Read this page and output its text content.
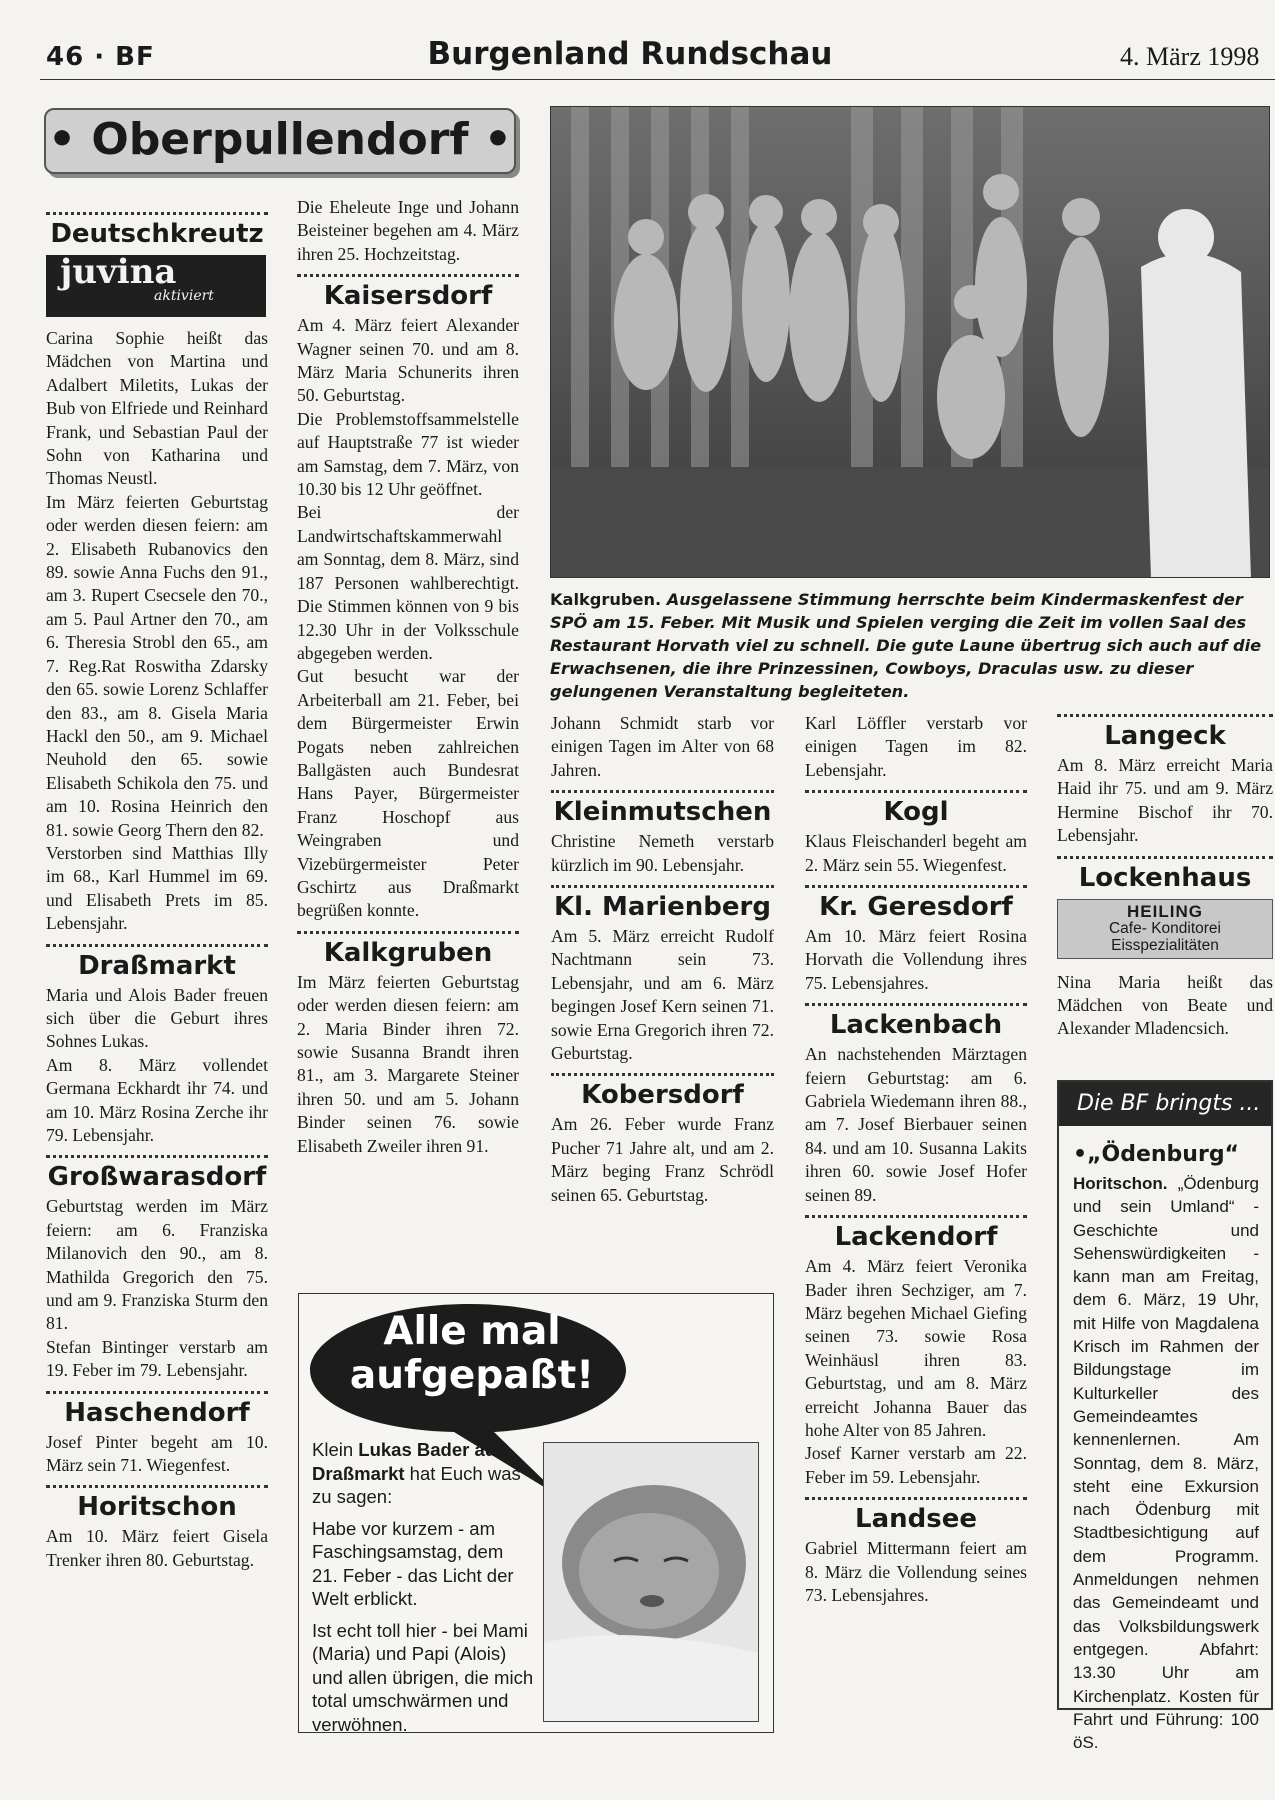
46 · BF	Burgenland Rundschau	4. März 1998
• Oberpullendorf •
Deutschkreutz
juvina
aktiviert

Carina Sophie heißt das Mädchen von Martina und Adalbert Miletits, Lukas der Bub von Elfriede und Reinhard Frank, und Sebastian Paul der Sohn von Katharina und Thomas Neustl.

Im März feierten Geburtstag oder werden diesen feiern: am 2. Elisabeth Rubanovics den 89. sowie Anna Fuchs den 91., am 3. Rupert Csecsele den 70., am 5. Paul Artner den 70., am 6. Theresia Strobl den 65., am 7. Reg.Rat Roswitha Zdarsky den 65. sowie Lorenz Schlaffer den 83., am 8. Gisela Maria Hackl den 50., am 9. Michael Neuhold den 65. sowie Elisabeth Schikola den 75. und am 10. Rosina Heinrich den 81. sowie Georg Thern den 82.

Verstorben sind Matthias Illy im 68., Karl Hummel im 69. und Elisabeth Prets im 85. Lebensjahr.

Draßmarkt

Maria und Alois Bader freuen sich über die Geburt ihres Sohnes Lukas.

Am 8. März vollendet Germana Eckhardt ihr 74. und am 10. März Rosina Zerche ihr 79. Lebensjahr.

Großwarasdorf

Geburtstag werden im März feiern: am 6. Franziska Milanovich den 90., am 8. Mathilda Gregorich den 75. und am 9. Franziska Sturm den 81.

Stefan Bintinger verstarb am 19. Feber im 79. Lebensjahr.

Haschendorf

Josef Pinter begeht am 10. März sein 71. Wiegenfest.

Horitschon

Am 10. März feiert Gisela Trenker ihren 80. Geburtstag.

Die Eheleute Inge und Johann Beisteiner begehen am 4. März ihren 25. Hochzeitstag.

Kaisersdorf

Am 4. März feiert Alexander Wagner seinen 70. und am 8. März Maria Schunerits ihren 50. Geburtstag.

Die Problemstoffsammelstelle auf Hauptstraße 77 ist wieder am Samstag, dem 7. März, von 10.30 bis 12 Uhr geöffnet.

Bei der Landwirtschaftskammerwahl am Sonntag, dem 8. März, sind 187 Personen wahlberechtigt. Die Stimmen können von 9 bis 12.30 Uhr in der Volksschule abgegeben werden.

Gut besucht war der Arbeiterball am 21. Feber, bei dem Bürgermeister Erwin Pogats neben zahlreichen Ballgästen auch Bundesrat Hans Payer, Bürgermeister Franz Hoschopf aus Weingraben und Vizebürgermeister Peter Gschirtz aus Draßmarkt begrüßen konnte.

Kalkgruben

Im März feierten Geburtstag oder werden diesen feiern: am 2. Maria Binder ihren 72. sowie Susanna Brandt ihren 81., am 3. Margarete Steiner ihren 50. und am 5. Johann Binder seinen 76. sowie Elisabeth Zweiler ihren 91.

Kalkgruben. Ausgelassene Stimmung herrschte beim Kindermaskenfest der SPÖ am 15. Feber. Mit Musik und Spielen verging die Zeit im vollen Saal des Restaurant Horvath viel zu schnell. Die gute Laune übertrug sich auch auf die Erwachsenen, die ihre Prinzessinen, Cowboys, Draculas usw. zu dieser gelungenen Veranstaltung begleiteten.

Johann Schmidt starb vor einigen Tagen im Alter von 68 Jahren.

Kleinmutschen

Christine Nemeth verstarb kürzlich im 90. Lebensjahr.

Kl. Marienberg

Am 5. März erreicht Rudolf Nachtmann sein 73. Lebensjahr, und am 6. März begingen Josef Kern seinen 71. sowie Erna Gregorich ihren 72. Geburtstag.

Kobersdorf

Am 26. Feber wurde Franz Pucher 71 Jahre alt, und am 2. März beging Franz Schrödl seinen 65. Geburtstag.

Alle mal aufgepaßt!

Klein Lukas Bader aus Draßmarkt hat Euch was zu sagen:

Habe vor kurzem - am Faschingsamstag, dem 21. Feber - das Licht der Welt erblickt.

Ist echt toll hier - bei Mami (Maria) und Papi (Alois) und allen übrigen, die mich total umschwärmen und verwöhnen.

Karl Löffler verstarb vor einigen Tagen im 82. Lebensjahr.

Kogl

Klaus Fleischanderl begeht am 2. März sein 55. Wiegenfest.

Kr. Geresdorf

Am 10. März feiert Rosina Horvath die Vollendung ihres 75. Lebensjahres.

Lackenbach

An nachstehenden Märztagen feiern Geburtstag: am 6. Gabriela Wiedemann ihren 88., am 7. Josef Bierbauer seinen 84. und am 10. Susanna Lakits ihren 60. sowie Josef Hofer seinen 89.

Lackendorf

Am 4. März feiert Veronika Bader ihren Sechziger, am 7. März begehen Michael Giefing seinen 73. sowie Rosa Weinhäusl ihren 83. Geburtstag, und am 8. März erreicht Johanna Bauer das hohe Alter von 85 Jahren.

Josef Karner verstarb am 22. Feber im 59. Lebensjahr.

Landsee

Gabriel Mittermann feiert am 8. März die Vollendung seines 73. Lebensjahres.

Langeck

Am 8. März erreicht Maria Haid ihr 75. und am 9. März Hermine Bischof ihr 70. Lebensjahr.

Lockenhaus
HEILING
Cafe- Konditorei
Eisspezialitäten

Nina Maria heißt das Mädchen von Beate und Alexander Mladencsich.

Die BF bringts ...
•„Ödenburg“

Horitschon. „Ödenburg und sein Umland“ - Geschichte und Sehenswürdigkeiten - kann man am Freitag, dem 6. März, 19 Uhr, mit Hilfe von Magdalena Krisch im Rahmen der Bildungstage im Kulturkeller des Gemeindeamtes kennenlernen. Am Sonntag, dem 8. März, steht eine Exkursion nach Ödenburg mit Stadtbesichtigung auf dem Programm. Anmeldungen nehmen das Gemeindeamt und das Volksbildungswerk entgegen. Abfahrt: 13.30 Uhr am Kirchenplatz. Kosten für Fahrt und Führung: 100 öS.
